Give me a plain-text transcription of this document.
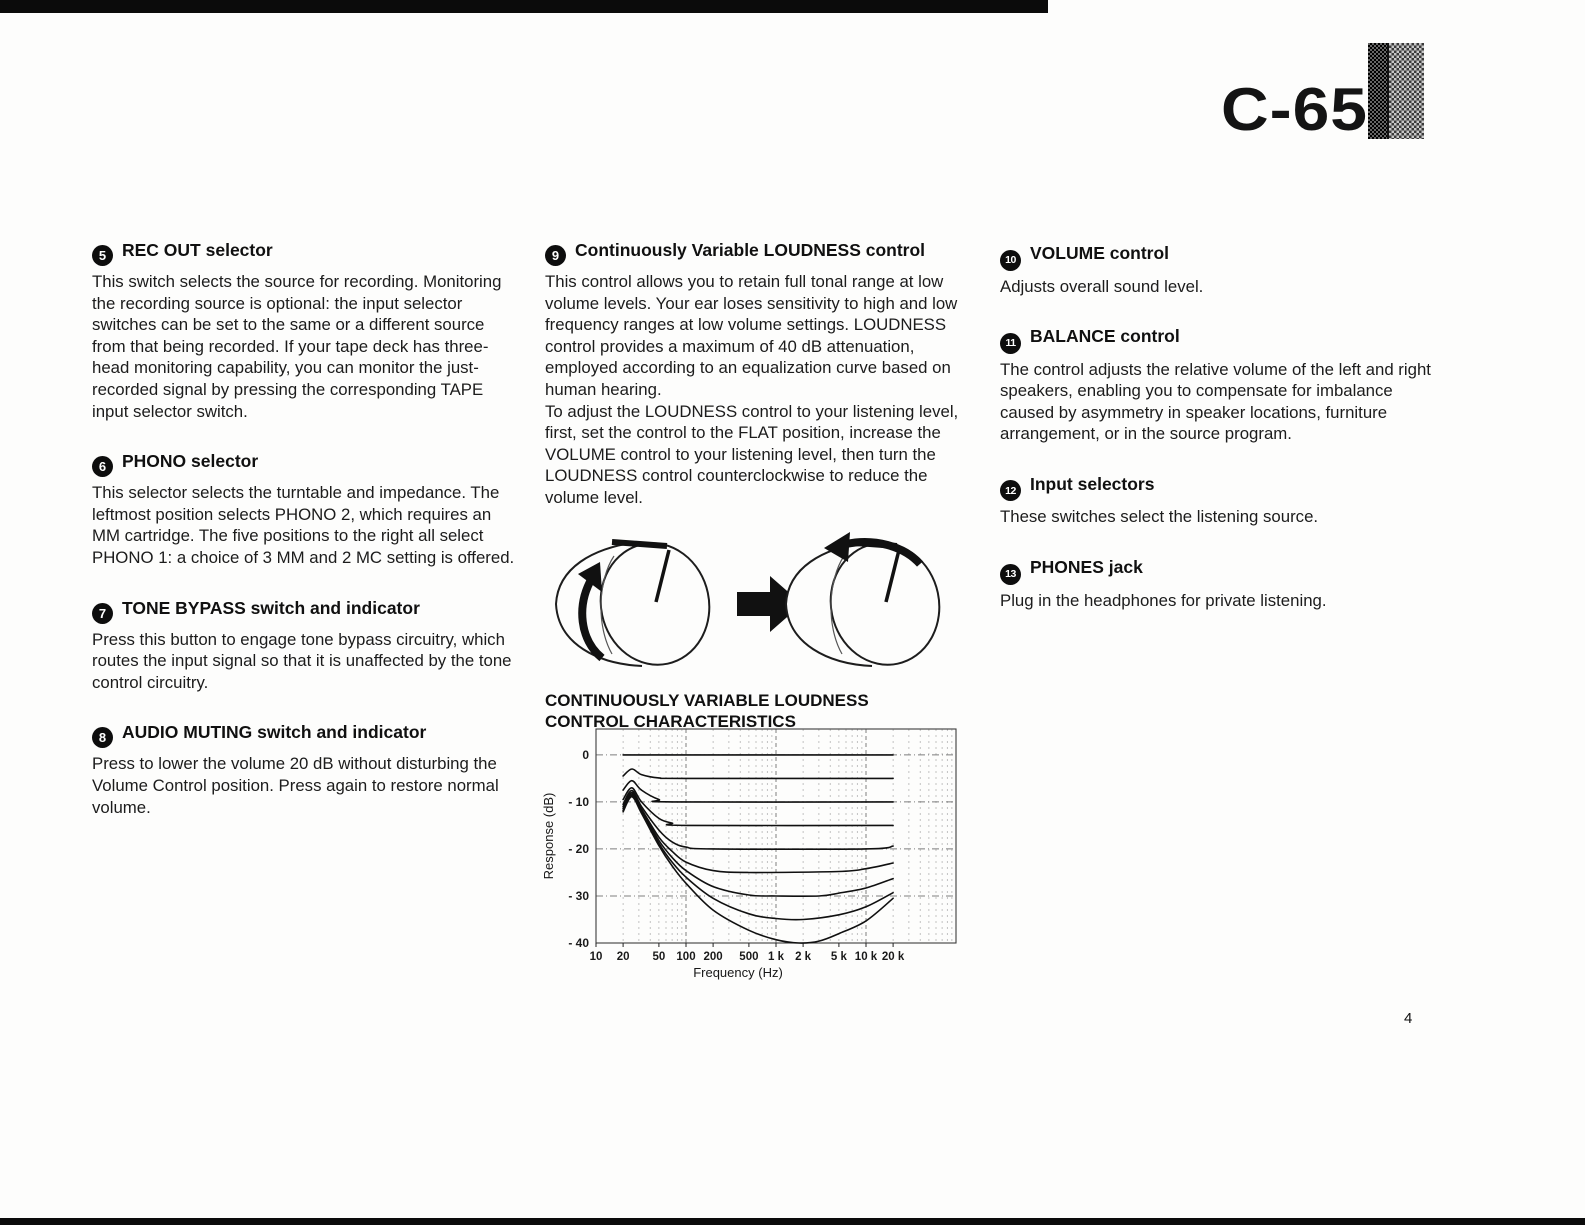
C-65
5 REC OUT selector

This switch selects the source for recording. Monitoring the recording source is optional: the input selector switches can be set to the same or a different source from that being recorded. If your tape deck has three-head monitoring capability, you can monitor the just-recorded signal by pressing the corresponding TAPE input selector switch.

6 PHONO selector

This selector selects the turntable and impedance. The leftmost position selects PHONO 2, which requires an MM cartridge. The five positions to the right all select PHONO 1: a choice of 3 MM and 2 MC setting is offered.

7 TONE BYPASS switch and indicator

Press this button to engage tone bypass circuitry, which routes the input signal so that it is unaffected by the tone control circuitry.

8 AUDIO MUTING switch and indicator

Press to lower the volume 20 dB without disturbing the Volume Control position. Press again to restore normal volume.

9 Continuously Variable LOUDNESS control

This control allows you to retain full tonal range at low volume levels. Your ear loses sensitivity to high and low frequency ranges at low volume settings. LOUDNESS control provides a maximum of 40 dB attenuation, employed according to an equalization curve based on human hearing.

To adjust the LOUDNESS control to your listening level, first, set the control to the FLAT position, increase the VOLUME control to your listening level, then turn the LOUDNESS control counterclockwise to reduce the volume level.

CONTINUOUSLY VARIABLE LOUDNESS
CONTROL CHARACTERISTICS
0
- 10
- 20
- 30
- 40
10 20 50 100 200 500 1 k 2 k 5 k 10 k 20 k
Frequency (Hz)
Response (dB)
10 VOLUME control

Adjusts overall sound level.

11 BALANCE control

The control adjusts the relative volume of the left and right speakers, enabling you to compensate for imbalance caused by asymmetry in speaker locations, furniture arrangement, or in the source program.

12 Input selectors

These switches select the listening source.

13 PHONES jack

Plug in the headphones for private listening.

4
